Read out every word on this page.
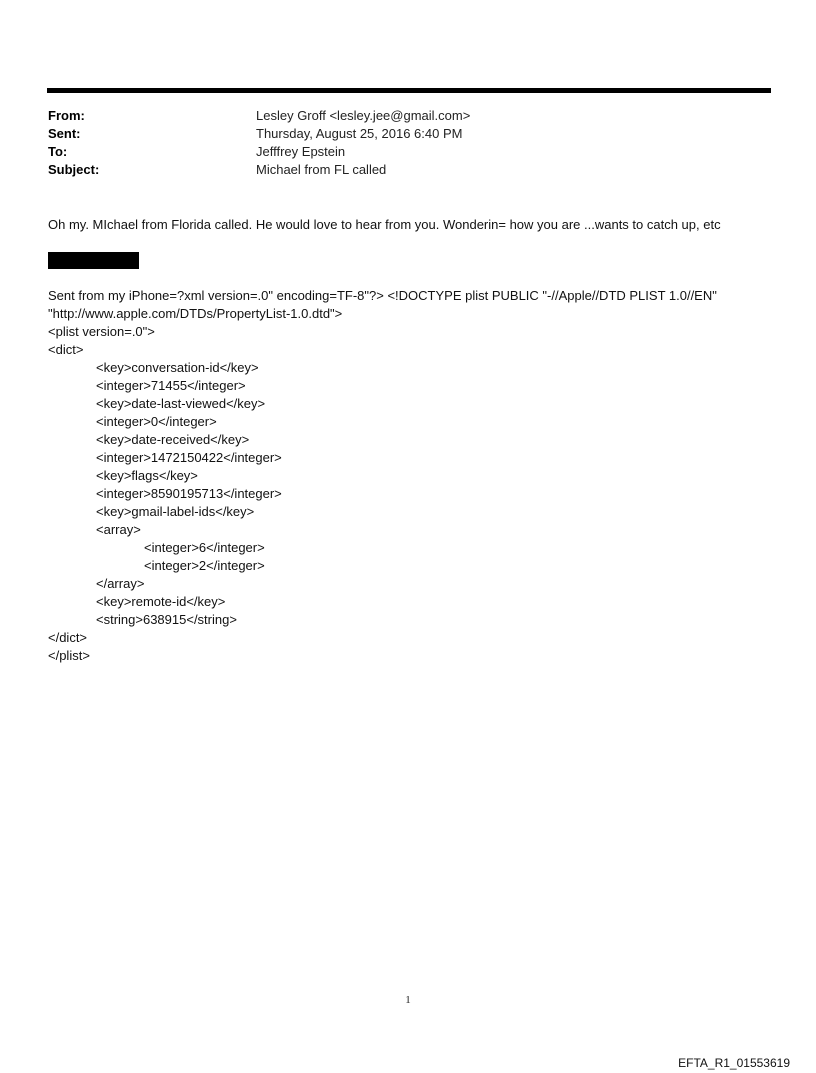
From:	Lesley Groff <lesley.jee@gmail.com>
Sent:	Thursday, August 25, 2016 6:40 PM
To:	Jefffrey Epstein
Subject:	Michael from FL called
Oh my. MIchael from Florida called. He would love to hear from you. Wonderin= how you are ...wants to catch up, etc
Sent from my iPhone=?xml version=.0" encoding=TF-8"?> <!DOCTYPE plist PUBLIC "-//Apple//DTD PLIST 1.0//EN"
"http://www.apple.com/DTDs/PropertyList-1.0.dtd">
<plist version=.0">
<dict>
<key>conversation-id</key>
<integer>71455</integer>
<key>date-last-viewed</key>
<integer>0</integer>
<key>date-received</key>
<integer>1472150422</integer>
<key>flags</key>
<integer>8590195713</integer>
<key>gmail-label-ids</key>
<array>
<integer>6</integer>
<integer>2</integer>
</array>
<key>remote-id</key>
<string>638915</string>
</dict>
</plist>
1
EFTA_R1_01553619
